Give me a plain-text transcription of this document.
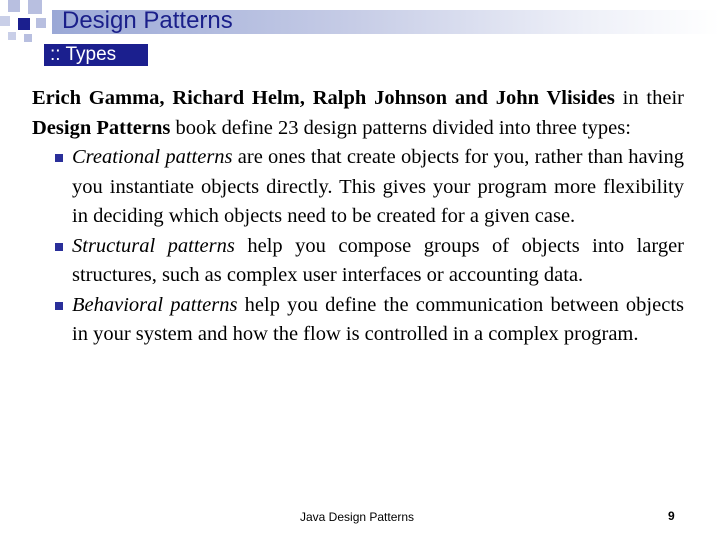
Design Patterns
:: Types

Erich Gamma, Richard Helm, Ralph Johnson and John Vlisides in their Design Patterns book define 23 design patterns divided into three types:

Creational patterns are ones that create objects for you, rather than having you instantiate objects directly. This gives your program more flexibility in deciding which objects need to be created for a given case.
Structural patterns help you compose groups of objects into larger structures, such as complex user interfaces or accounting data.
Behavioral patterns help you define the communication between objects in your system and how the flow is controlled in a complex program.
Java Design Patterns	9
